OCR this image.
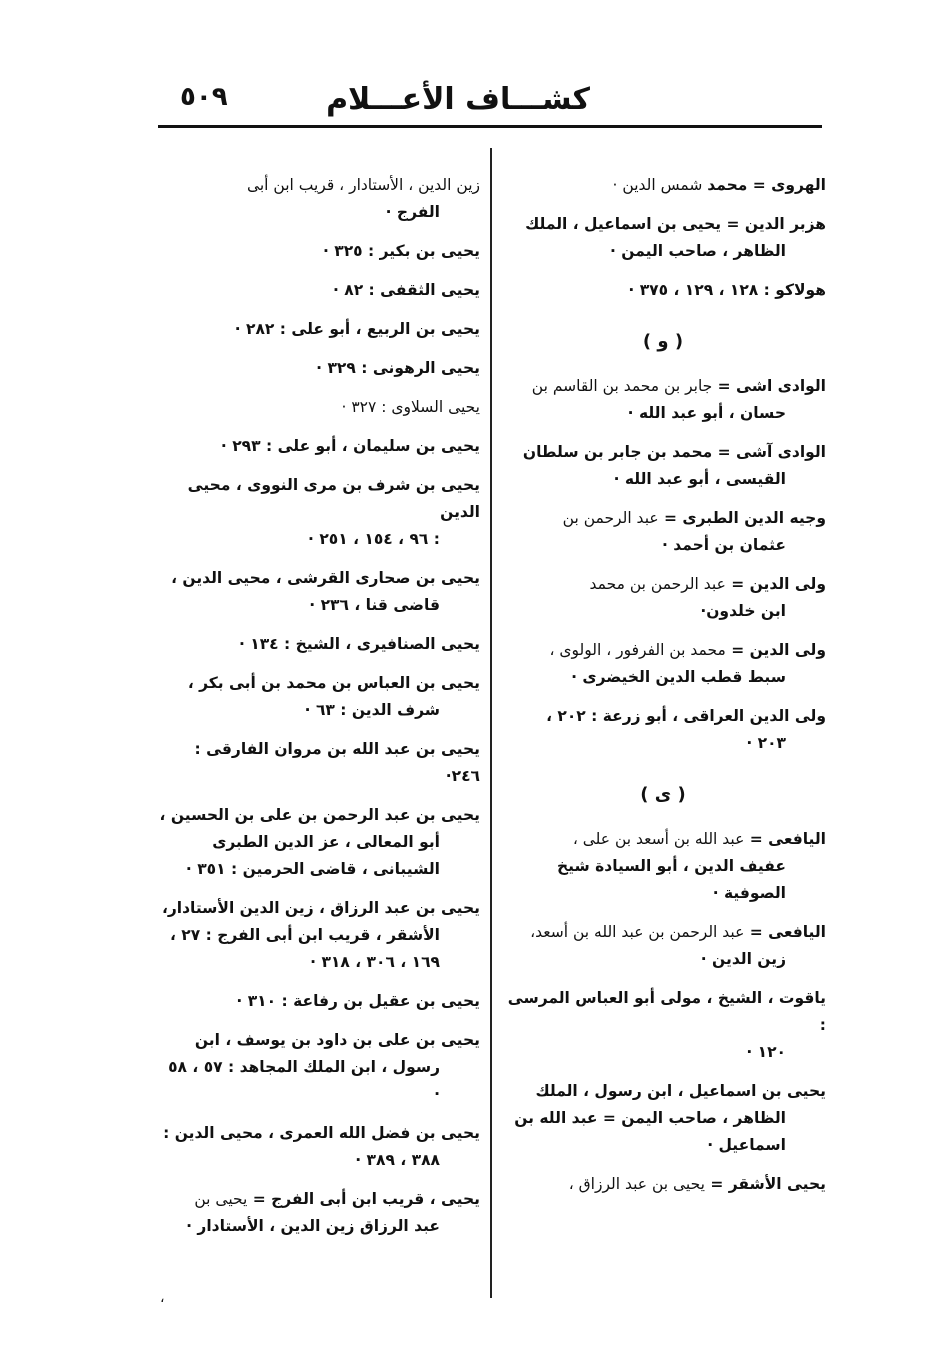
كشـــاف الأعـــلام
٥٠٩
الهروى = محمد شمس الدين ·
هزبر الدين = يحيى بن اسماعيل ، الملك
الظاهر ، صاحب اليمن ·
هولاكو : ١٢٨ ، ١٢٩ ، ٣٧٥ ·
( و )
الوادى اشى = جابر بن محمد بن القاسم بن
حسان ، أبو عبد الله ·
الوادى آشى = محمد بن جابر بن سلطان
القيسى ، أبو عبد الله ·
وجيه الدين الطبرى = عبد الرحمن بن
عثمان بن أحمد ·
ولى الدين = عبد الرحمن بن محمد
ابن خلدون·
ولى الدين = محمد بن الفرفور ، الولوى ،
سبط قطب الدين الخيضرى ·
ولى الدين العراقى ، أبو زرعة : ٢٠٢ ،
٢٠٣ ·
( ى )
اليافعى = عبد الله بن أسعد بن على ،
عفيف الدين ، أبو السيادة شيخ الصوفية ·
اليافعى = عبد الرحمن بن عبد الله بن أسعد،
زين الدين ·
ياقوت ، الشيخ ، مولى أبو العباس المرسى :
١٢٠ ·
يحيى بن اسماعيل ، ابن رسول ، الملك
الظاهر ، صاحب اليمن = عبد الله بن اسماعيل ·
يحيى الأشقر = يحيى بن عبد الرزاق ،
زين الدين ، الأستادار ، قريب ابن أبى
الفرج ·
يحيى بن بكير : ٣٢٥ ·
يحيى الثقفى : ٨٢ ·
يحيى بن الربيع ، أبو على : ٢٨٢ ·
يحيى الرهونى : ٣٢٩ ·
يحيى السلاوى : ٣٢٧ ·
يحيى بن سليمان ، أبو على : ٢٩٣ ·
يحيى بن شرف بن مرى النووى ، محيى الدين
: ٩٦ ، ١٥٤ ، ٢٥١ ·
يحيى بن صحارى القرشى ، محيى الدين ،
قاضى قنا ، ٢٣٦ ·
يحيى الصنافيرى ، الشيخ : ١٣٤ ·
يحيى بن العباس بن محمد بن أبى بكر ،
شرف الدين : ٦٣ ·
يحيى بن عبد الله بن مروان الفارقى : ٢٤٦·
يحيى بن عبد الرحمن بن على بن الحسين ،
أبو المعالى ، عز الدين الطبرى الشيبانى ، قاضى الحرمين : ٣٥١ ·
يحيى بن عبد الرزاق ، زين الدين الأستادار،
الأشقر ، قريب ابن أبى الفرج : ٢٧ ، ١٦٩ ، ٣٠٦ ، ٣١٨ ·
يحيى بن عقيل بن رفاعة : ٣١٠ ·
يحيى بن على بن داود بن يوسف ، ابن
رسول ، ابن الملك المجاهد : ٥٧ ، ٥٨ ·
يحيى بن فضل الله العمرى ، محيى الدين :
٣٨٨ ، ٣٨٩ ·
يحيى ، قريب ابن أبى الفرج = يحيى بن
عبد الرزاق زين الدين ، الأستادار ·
،
